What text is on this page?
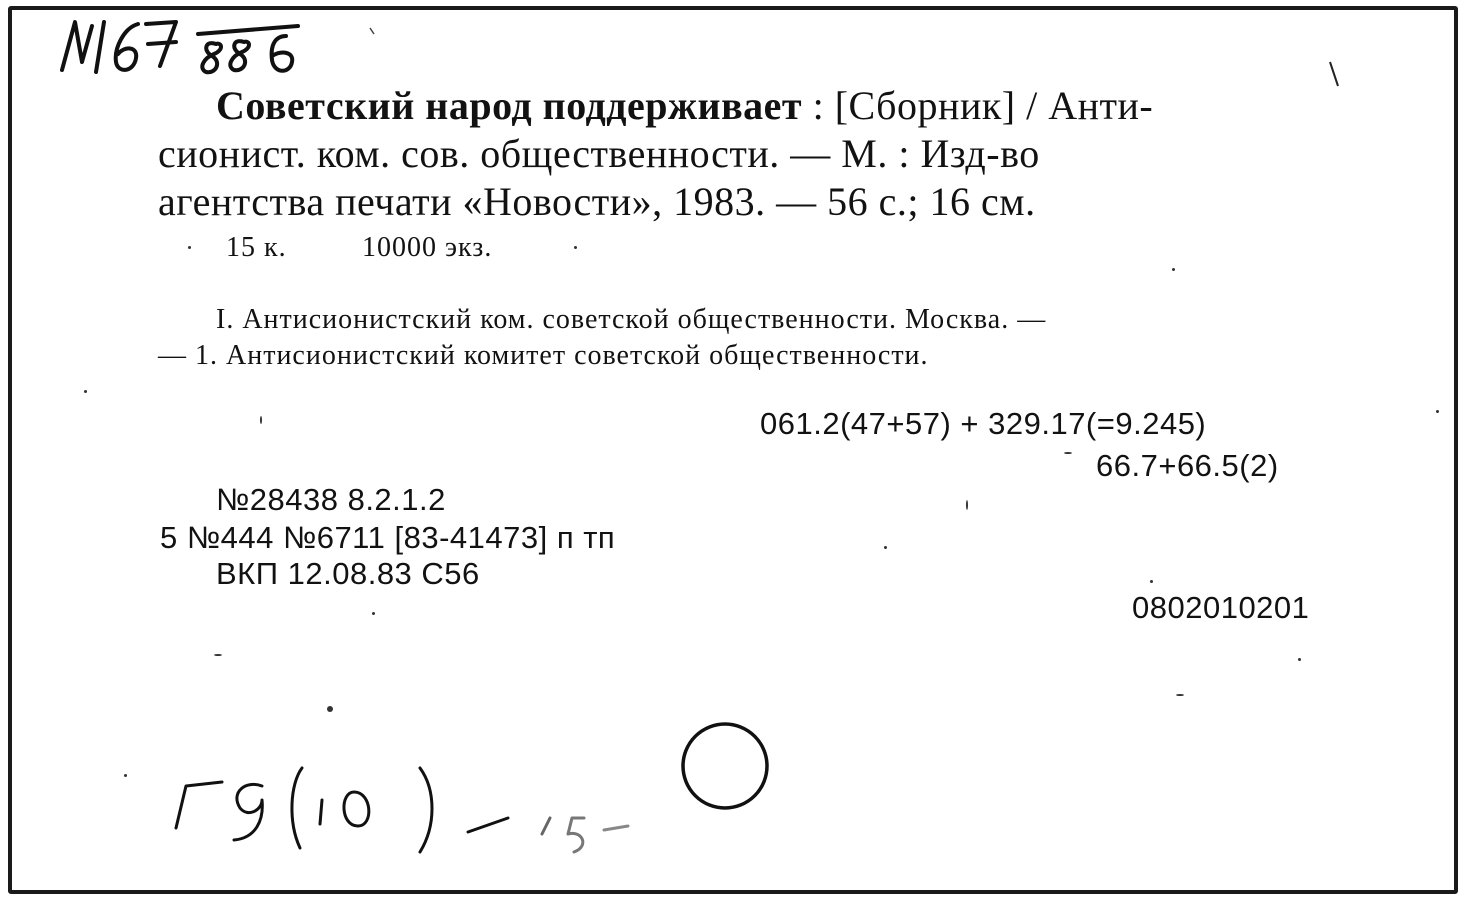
Советский народ поддерживает : [Сборник] / Анти-
сионист. ком. сов. общественности. — М. : Изд-во
агентства печати «Новости», 1983. — 56 с.; 16 см.
15 к.	10000 экз.
I. Антисионистский ком. советской общественности. Москва. —
— 1. Антисионистский комитет советской общественности.
061.2(47+57) + 329.17(=9.245)
66.7+66.5(2)
№28438 8.2.1.2
5 №444 №6711 [83-41473] п тп
ВКП 12.08.83 С56
0802010201
